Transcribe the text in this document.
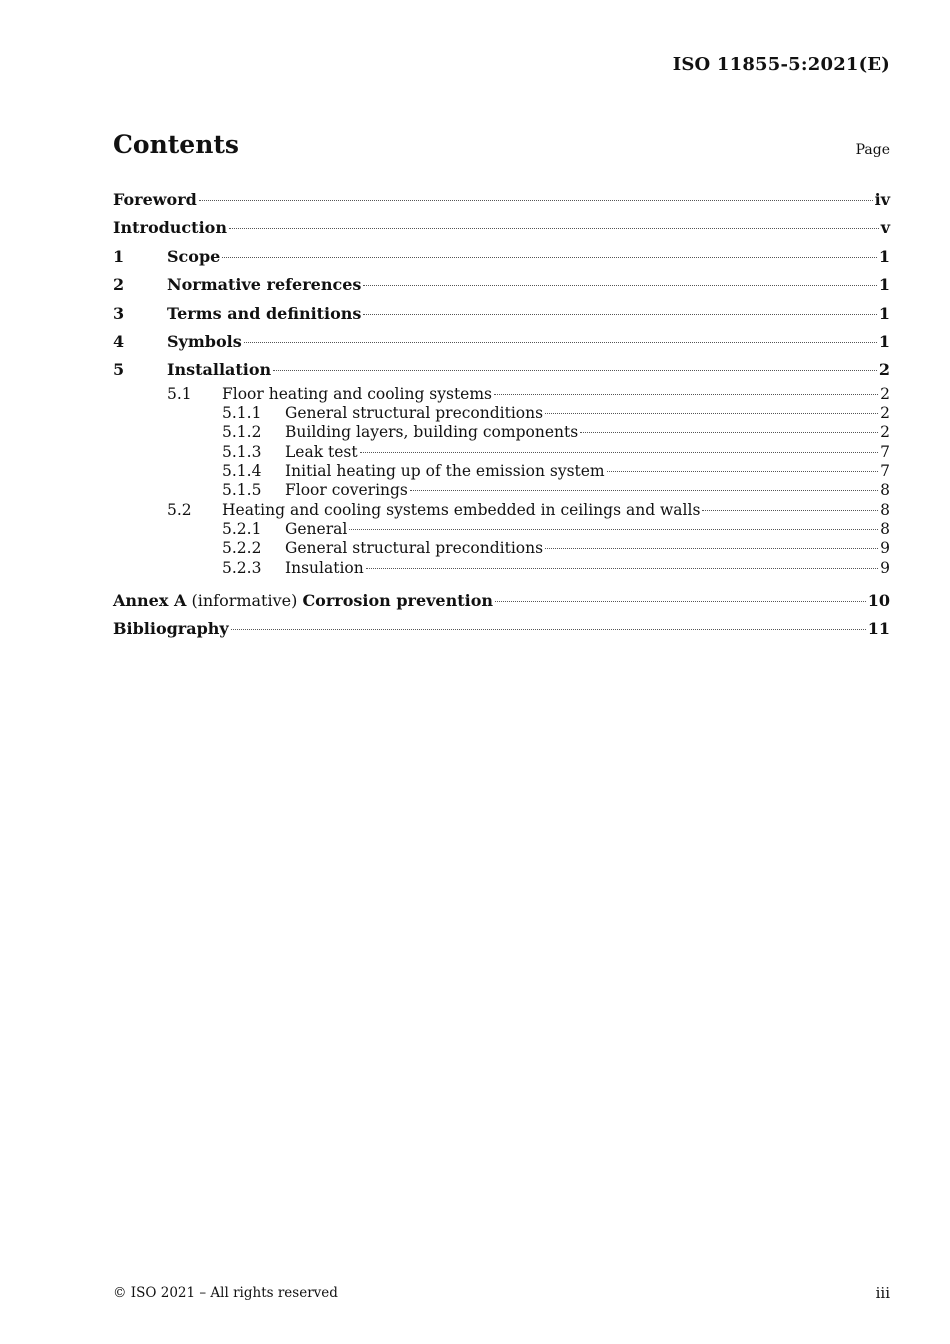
ISO 11855-5:2021(E)
Contents	Page
Foreword	iv
Introduction	v
1	Scope	1
2	Normative references	1
3	Terms and definitions	1
4	Symbols	1
5	Installation	2
5.1	Floor heating and cooling systems	2
5.1.1	General structural preconditions	2
5.1.2	Building layers, building components	2
5.1.3	Leak test	7
5.1.4	Initial heating up of the emission system	7
5.1.5	Floor coverings	8
5.2	Heating and cooling systems embedded in ceilings and walls	8
5.2.1	General	8
5.2.2	General structural preconditions	9
5.2.3	Insulation	9
Annex A (informative) Corrosion prevention	10
Bibliography	11
© ISO 2021 – All rights reserved	iii
